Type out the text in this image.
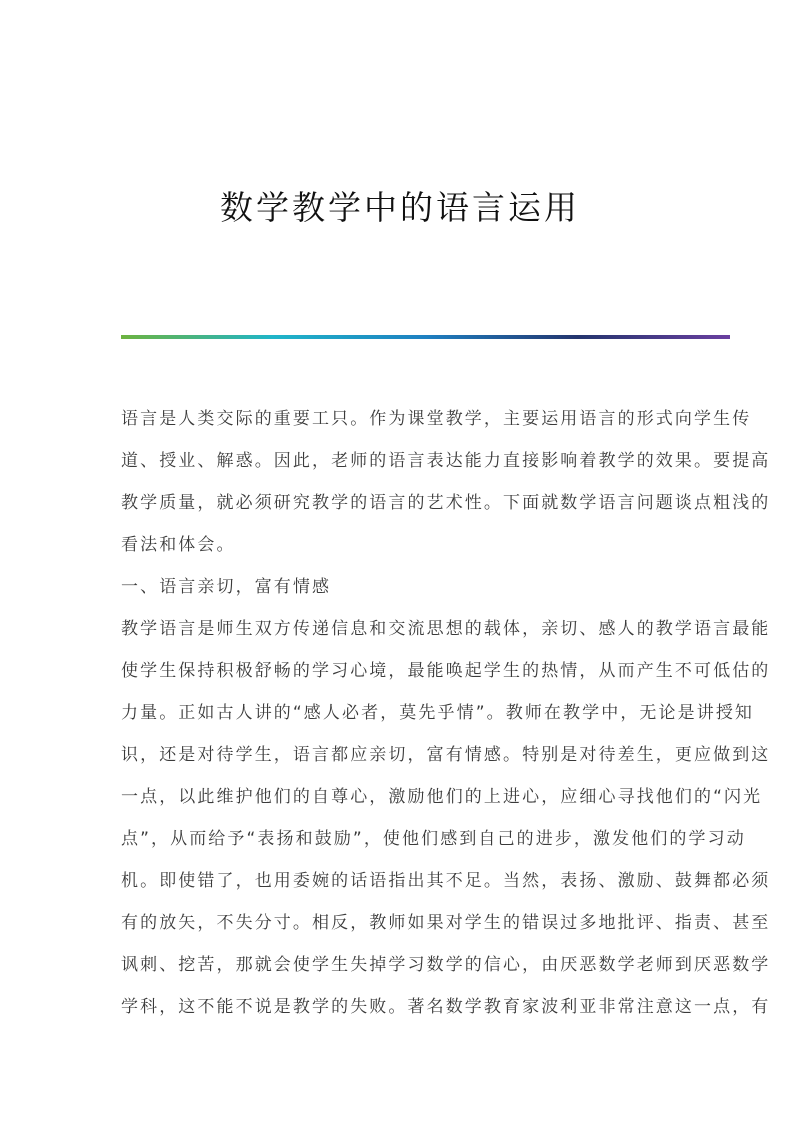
数学教学中的语言运用
语言是人类交际的重要工只。作为课堂教学，主要运用语言的形式向学生传
道、授业、解惑。因此，老师的语言表达能力直接影响着教学的效果。要提高
教学质量，就必须研究教学的语言的艺术性。下面就数学语言问题谈点粗浅的
看法和体会。
一、语言亲切，富有情感
教学语言是师生双方传递信息和交流思想的载体，亲切、感人的教学语言最能
使学生保持积极舒畅的学习心境，最能唤起学生的热情，从而产生不可低估的
力量。正如古人讲的“感人必者，莫先乎情”。教师在教学中，无论是讲授知
识，还是对待学生，语言都应亲切，富有情感。特别是对待差生，更应做到这
一点，以此维护他们的自尊心，激励他们的上进心，应细心寻找他们的“闪光
点”，从而给予“表扬和鼓励”，使他们感到自己的进步，激发他们的学习动
机。即使错了，也用委婉的话语指出其不足。当然，表扬、激励、鼓舞都必须
有的放矢，不失分寸。相反，教师如果对学生的错误过多地批评、指责、甚至
讽刺、挖苦，那就会使学生失掉学习数学的信心，由厌恶数学老师到厌恶数学
学科，这不能不说是教学的失败。著名数学教育家波利亚非常注意这一点，有
